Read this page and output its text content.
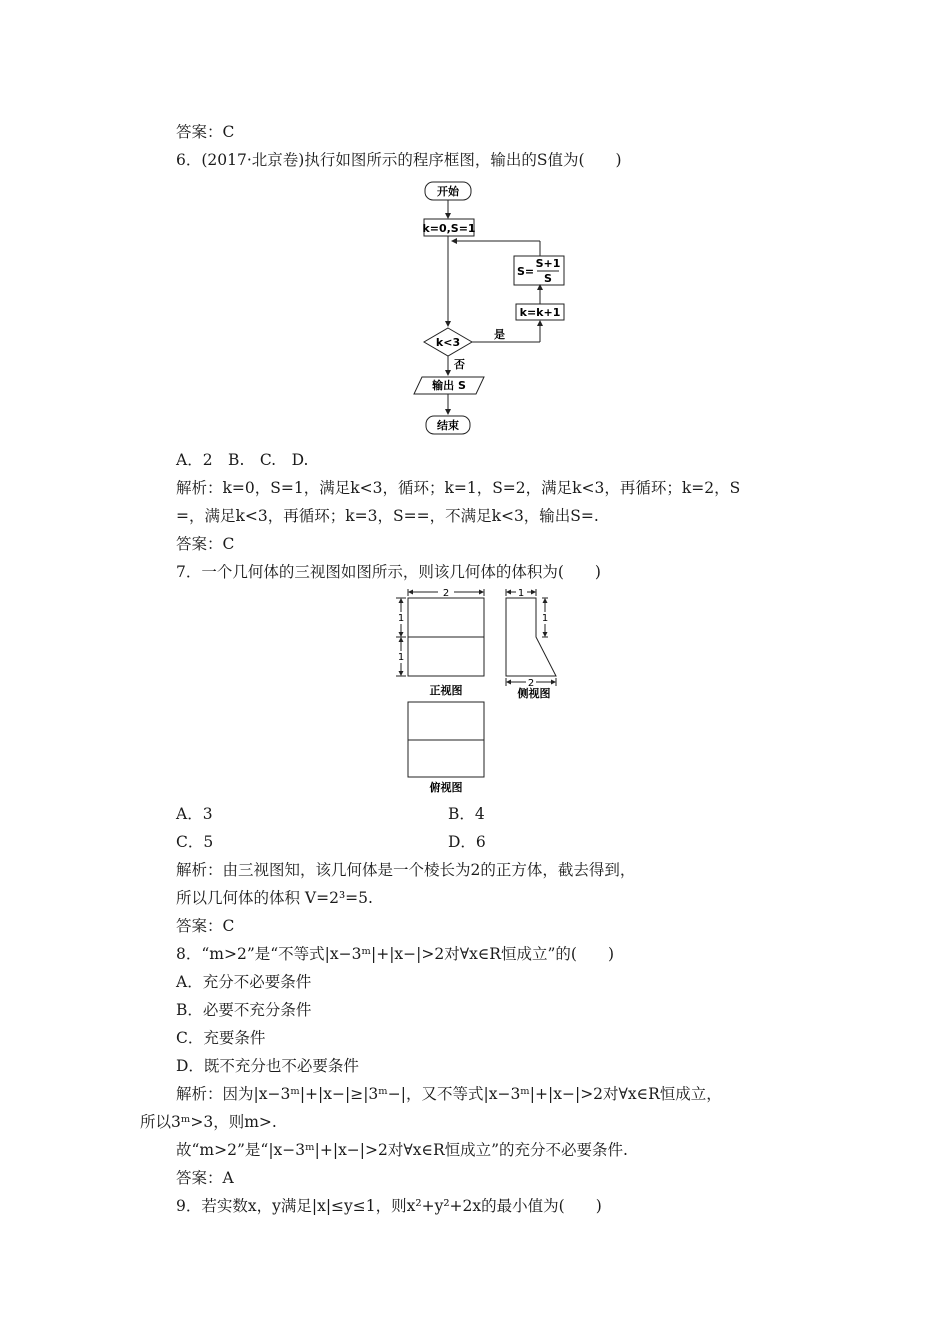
答案：C
6．(2017·北京卷)执行如图所示的程序框图，输出的S值为(　　)
开始
k=0,S=1
S=
S+1
S
k=k+1
k<3
是
否
输出 S
结束
A．2　B.　C.　D.
解析：k=0，S=1，满足k<3，循环；k=1，S=2，满足k<3，再循环；k=2，S
=，满足k<3，再循环；k=3，S==，不满足k<3，输出S=.
答案：C
7．一个几何体的三视图如图所示，则该几何体的体积为(　　)
2
1
1
1
1
2
正视图	侧视图
俯视图
A．3	B．4
C．5	D．6
解析：由三视图知，该几何体是一个棱长为2的正方体，截去得到，
所以几何体的体积 V=2³=5.
答案：C
8．“m>2”是“不等式|x−3ᵐ|+|x−|>2对∀x∈R恒成立”的(　　)
A．充分不必要条件
B．必要不充分条件
C．充要条件
D．既不充分也不必要条件
解析：因为|x−3ᵐ|+|x−|≥|3ᵐ−|，又不等式|x−3ᵐ|+|x−|>2对∀x∈R恒成立，
所以3ᵐ>3，则m>.
故“m>2”是“|x−3ᵐ|+|x−|>2对∀x∈R恒成立”的充分不必要条件.
答案：A
9．若实数x，y满足|x|≤y≤1，则x²+y²+2x的最小值为(　　)
